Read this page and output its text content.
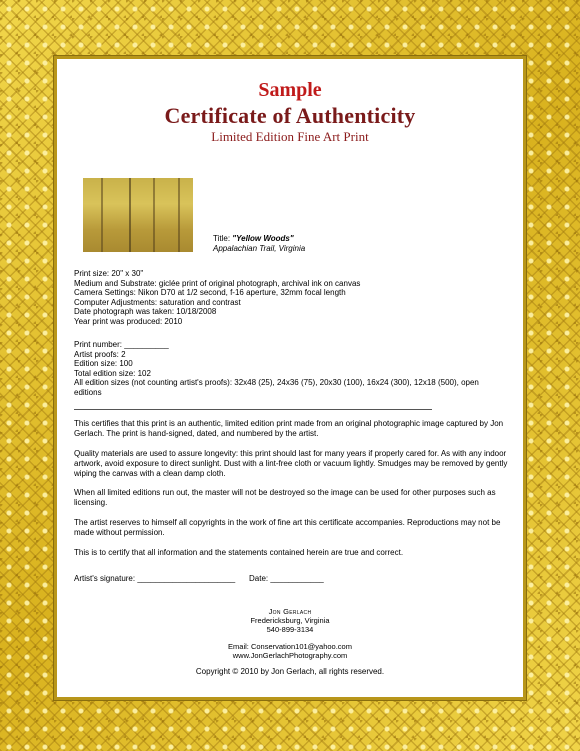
Sample
Certificate of Authenticity
Limited Edition Fine Art Print
Title: "Yellow Woods"
Appalachian Trail, Virginia
Print size: 20" x 30"
Medium and Substrate: giclée print of original photograph, archival ink on canvas
Camera Settings: Nikon D70 at 1/2 second, f-16 aperture, 32mm focal length
Computer Adjustments: saturation and contrast
Date photograph was taken: 10/18/2008
Year print was produced: 2010
Print number: __________
Artist proofs: 2
Edition size: 100
Total edition size: 102
All edition sizes (not counting artist's proofs): 32x48 (25), 24x36 (75), 20x30 (100), 16x24 (300), 12x18 (500), open
editions
This certifies that this print is an authentic, limited edition print made from an original photographic image captured by Jon Gerlach. The print is hand-signed, dated, and numbered by the artist.
Quality materials are used to assure longevity: this print should last for many years if properly cared for. As with any indoor artwork, avoid exposure to direct sunlight. Dust with a lint-free cloth or vacuum lightly. Smudges may be removed by gently wiping the canvas with a clean damp cloth.
When all limited editions run out, the master will not be destroyed so the image can be used for other purposes such as licensing.
The artist reserves to himself all copyrights in the work of fine art this certificate accompanies. Reproductions may not be made without permission.
This is to certify that all information and the statements contained herein are true and correct.
Artist's signature: ______________________ Date: ____________
Jon Gerlach
Fredericksburg, Virginia
540-899-3134
Email: Conservation101@yahoo.com
www.JonGerlachPhotography.com
Copyright © 2010 by Jon Gerlach, all rights reserved.
